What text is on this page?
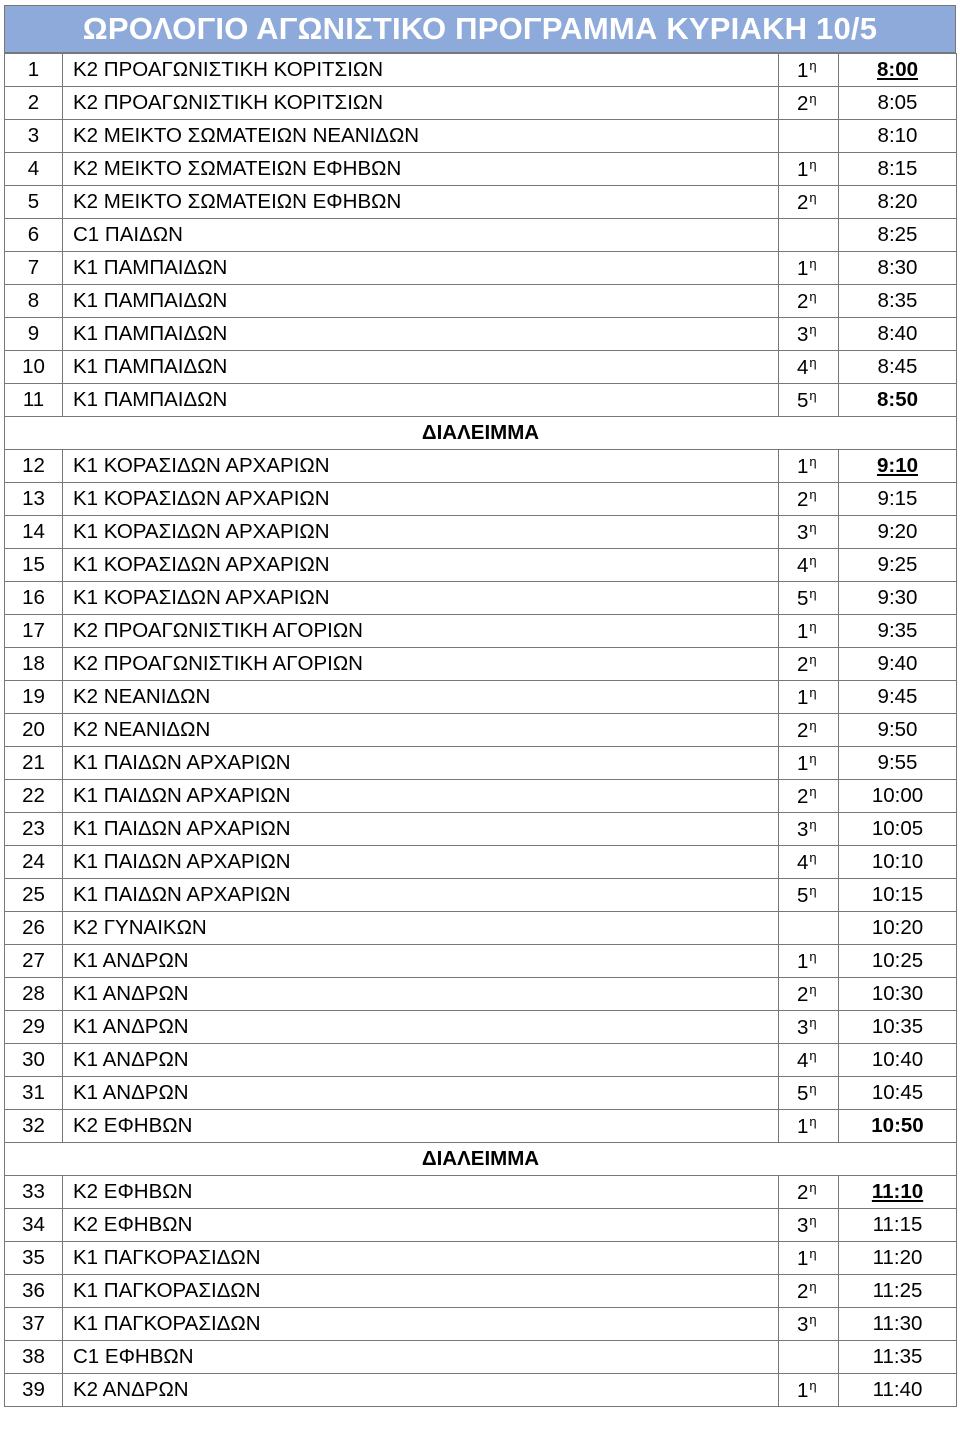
ΩΡΟΛΟΓΙΟ ΑΓΩΝΙΣΤΙΚΟ ΠΡΟΓΡΑΜΜΑ ΚΥΡΙΑΚΗ 10/5
1	Κ2 ΠΡΟΑΓΩΝΙΣΤΙΚΗ ΚΟΡΙΤΣΙΩΝ	$1^\eta$	8:00
2	Κ2 ΠΡΟΑΓΩΝΙΣΤΙΚΗ ΚΟΡΙΤΣΙΩΝ	$2^\eta$	8:05
3	Κ2 ΜΕΙΚΤΟ ΣΩΜΑΤΕΙΩΝ ΝΕΑΝΙΔΩΝ		8:10
4	Κ2 ΜΕΙΚΤΟ ΣΩΜΑΤΕΙΩΝ ΕΦΗΒΩΝ	$1^\eta$	8:15
5	Κ2 ΜΕΙΚΤΟ ΣΩΜΑΤΕΙΩΝ ΕΦΗΒΩΝ	$2^\eta$	8:20
6	C1 ΠΑΙΔΩΝ		8:25
7	Κ1 ΠΑΜΠΑΙΔΩΝ	$1^\eta$	8:30
8	Κ1 ΠΑΜΠΑΙΔΩΝ	$2^\eta$	8:35
9	Κ1 ΠΑΜΠΑΙΔΩΝ	$3^\eta$	8:40
10	Κ1 ΠΑΜΠΑΙΔΩΝ	$4^\eta$	8:45
11	Κ1 ΠΑΜΠΑΙΔΩΝ	$5^\eta$	8:50
ΔΙΑΛΕΙΜΜΑ			
12	Κ1 ΚΟΡΑΣΙΔΩΝ ΑΡΧΑΡΙΩΝ	$1^\eta$	9:10
13	Κ1 ΚΟΡΑΣΙΔΩΝ ΑΡΧΑΡΙΩΝ	$2^\eta$	9:15
14	Κ1 ΚΟΡΑΣΙΔΩΝ ΑΡΧΑΡΙΩΝ	$3^\eta$	9:20
15	Κ1 ΚΟΡΑΣΙΔΩΝ ΑΡΧΑΡΙΩΝ	$4^\eta$	9:25
16	Κ1 ΚΟΡΑΣΙΔΩΝ ΑΡΧΑΡΙΩΝ	$5^\eta$	9:30
17	Κ2 ΠΡΟΑΓΩΝΙΣΤΙΚΗ ΑΓΟΡΙΩΝ	$1^\eta$	9:35
18	Κ2 ΠΡΟΑΓΩΝΙΣΤΙΚΗ ΑΓΟΡΙΩΝ	$2^\eta$	9:40
19	Κ2 ΝΕΑΝΙΔΩΝ	$1^\eta$	9:45
20	Κ2 ΝΕΑΝΙΔΩΝ	$2^\eta$	9:50
21	Κ1 ΠΑΙΔΩΝ ΑΡΧΑΡΙΩΝ	$1^\eta$	9:55
22	Κ1 ΠΑΙΔΩΝ ΑΡΧΑΡΙΩΝ	$2^\eta$	10:00
23	Κ1 ΠΑΙΔΩΝ ΑΡΧΑΡΙΩΝ	$3^\eta$	10:05
24	Κ1 ΠΑΙΔΩΝ ΑΡΧΑΡΙΩΝ	$4^\eta$	10:10
25	Κ1 ΠΑΙΔΩΝ ΑΡΧΑΡΙΩΝ	$5^\eta$	10:15
26	Κ2 ΓΥΝΑΙΚΩΝ		10:20
27	Κ1 ΑΝΔΡΩΝ	$1^\eta$	10:25
28	Κ1 ΑΝΔΡΩΝ	$2^\eta$	10:30
29	Κ1 ΑΝΔΡΩΝ	$3^\eta$	10:35
30	Κ1 ΑΝΔΡΩΝ	$4^\eta$	10:40
31	Κ1 ΑΝΔΡΩΝ	$5^\eta$	10:45
32	Κ2 ΕΦΗΒΩΝ	$1^\eta$	10:50
ΔΙΑΛΕΙΜΜΑ			
33	Κ2 ΕΦΗΒΩΝ	$2^\eta$	11:10
34	Κ2 ΕΦΗΒΩΝ	$3^\eta$	11:15
35	Κ1 ΠΑΓΚΟΡΑΣΙΔΩΝ	$1^\eta$	11:20
36	Κ1 ΠΑΓΚΟΡΑΣΙΔΩΝ	$2^\eta$	11:25
37	Κ1 ΠΑΓΚΟΡΑΣΙΔΩΝ	$3^\eta$	11:30
38	C1 ΕΦΗΒΩΝ		11:35
39	Κ2 ΑΝΔΡΩΝ	$1^\eta$	11:40
